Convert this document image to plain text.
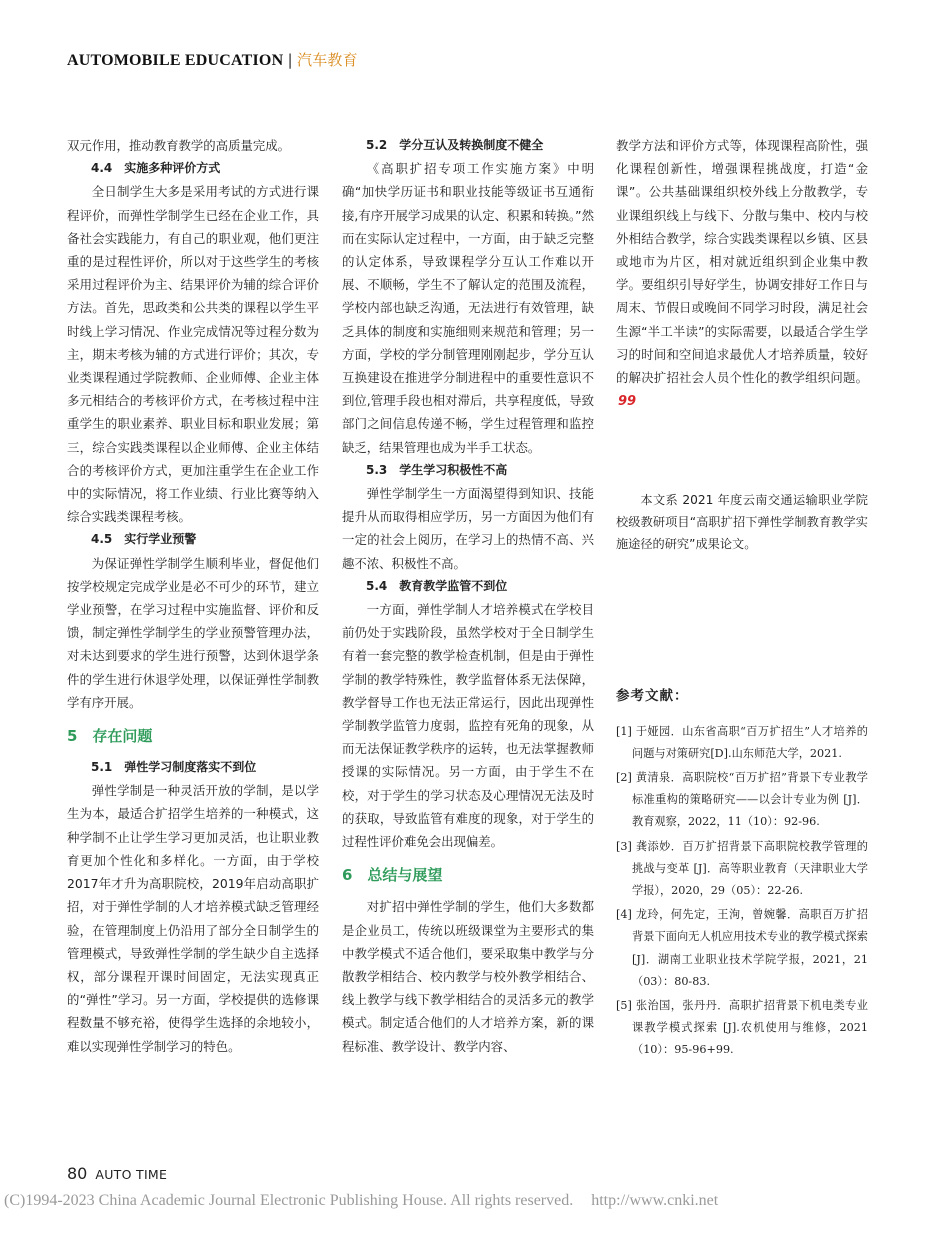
AUTOMOBILE EDUCATION | 汽车教育

双元作用，推动教育教学的高质量完成。

4.4　实施多种评价方式

全日制学生大多是采用考试的方式进行课程评价，而弹性学制学生已经在企业工作，具备社会实践能力，有自己的职业观，他们更注重的是过程性评价，所以对于这些学生的考核采用过程评价为主、结果评价为辅的综合评价方法。首先，思政类和公共类的课程以学生平时线上学习情况、作业完成情况等过程分数为主，期末考核为辅的方式进行评价；其次，专业类课程通过学院教师、企业师傅、企业主体多元相结合的考核评价方式，在考核过程中注重学生的职业素养、职业目标和职业发展；第三，综合实践类课程以企业师傅、企业主体结合的考核评价方式，更加注重学生在企业工作中的实际情况，将工作业绩、行业比赛等纳入综合实践类课程考核。

4.5　实行学业预警

为保证弹性学制学生顺利毕业，督促他们按学校规定完成学业是必不可少的环节，建立学业预警，在学习过程中实施监督、评价和反馈，制定弹性学制学生的学业预警管理办法，对未达到要求的学生进行预警，达到休退学条件的学生进行休退学处理，以保证弹性学制教学有序开展。

5　存在问题
5.1　弹性学习制度落实不到位

弹性学制是一种灵活开放的学制，是以学生为本，最适合扩招学生培养的一种模式，这种学制不止让学生学习更加灵活，也让职业教育更加个性化和多样化。一方面，由于学校2017年才升为高职院校，2019年启动高职扩招，对于弹性学制的人才培养模式缺乏管理经验，在管理制度上仍沿用了部分全日制学生的管理模式，导致弹性学制的学生缺少自主选择权，部分课程开课时间固定，无法实现真正的“弹性”学习。另一方面，学校提供的选修课程数量不够充裕，使得学生选择的余地较小，难以实现弹性学制学习的特色。

5.2　学分互认及转换制度不健全

《高职扩招专项工作实施方案》中明确“加快学历证书和职业技能等级证书互通衔接,有序开展学习成果的认定、积累和转换。”然而在实际认定过程中，一方面，由于缺乏完整的认定体系，导致课程学分互认工作难以开展、不顺畅，学生不了解认定的范围及流程，学校内部也缺乏沟通，无法进行有效管理，缺乏具体的制度和实施细则来规范和管理；另一方面，学校的学分制管理刚刚起步，学分互认互换建设在推进学分制进程中的重要性意识不到位,管理手段也相对滞后，共享程度低，导致部门之间信息传递不畅，学生过程管理和监控缺乏，结果管理也成为半手工状态。

5.3　学生学习积极性不高

弹性学制学生一方面渴望得到知识、技能提升从而取得相应学历，另一方面因为他们有一定的社会上阅历，在学习上的热情不高、兴趣不浓、积极性不高。

5.4　教育教学监管不到位

一方面，弹性学制人才培养模式在学校目前仍处于实践阶段，虽然学校对于全日制学生有着一套完整的教学检查机制，但是由于弹性学制的教学特殊性，教学监督体系无法保障，教学督导工作也无法正常运行，因此出现弹性学制教学监管力度弱，监控有死角的现象，从而无法保证教学秩序的运转，也无法掌握教师授课的实际情况。另一方面，由于学生不在校，对于学生的学习状态及心理情况无法及时的获取，导致监管有难度的现象，对于学生的过程性评价难免会出现偏差。

6　总结与展望

对扩招中弹性学制的学生，他们大多数都是企业员工，传统以班级课堂为主要形式的集中教学模式不适合他们，要采取集中教学与分散教学相结合、校内教学与校外教学相结合、线上教学与线下教学相结合的灵活多元的教学模式。制定适合他们的人才培养方案，新的课程标准、教学设计、教学内容、

教学方法和评价方式等，体现课程高阶性，强化课程创新性，增强课程挑战度，打造“金课”。公共基础课组织校外线上分散教学，专业课组织线上与线下、分散与集中、校内与校外相结合教学，综合实践类课程以乡镇、区县或地市为片区，相对就近组织到企业集中教学。要组织引导好学生，协调安排好工作日与周末、节假日或晚间不同学习时段，满足社会生源“半工半读”的实际需要，以最适合学生学习的时间和空间追求最优人才培养质量，较好的解决扩招社会人员个性化的教学组织问题。99

本文系 2021 年度云南交通运输职业学院校级教研项目“高职扩招下弹性学制教育教学实施途径的研究”成果论文。

参考文献：
[1] 于娅园．山东省高职“百万扩招生”人才培养的问题与对策研究[D].山东师范大学，2021.
[2] 黄清泉．高职院校“百万扩招”背景下专业教学标准重构的策略研究——以会计专业为例 [J]．教育观察，2022，11（10）：92-96.
[3] 龚添妙．百万扩招背景下高职院校教学管理的挑战与变革 [J]．高等职业教育（天津职业大学学报），2020，29（05）：22-26.
[4] 龙玲，何先定，王洵，曾婉馨．高职百万扩招背景下面向无人机应用技术专业的教学模式探索 [J]．湖南工业职业技术学院学报，2021，21（03）：80-83.
[5] 张治国，张丹丹．高职扩招背景下机电类专业课教学模式探索 [J].农机使用与维修，2021（10）：95-96+99.
80 AUTO TIME
(C)1994-2023 China Academic Journal Electronic Publishing House. All rights reserved. http://www.cnki.net
